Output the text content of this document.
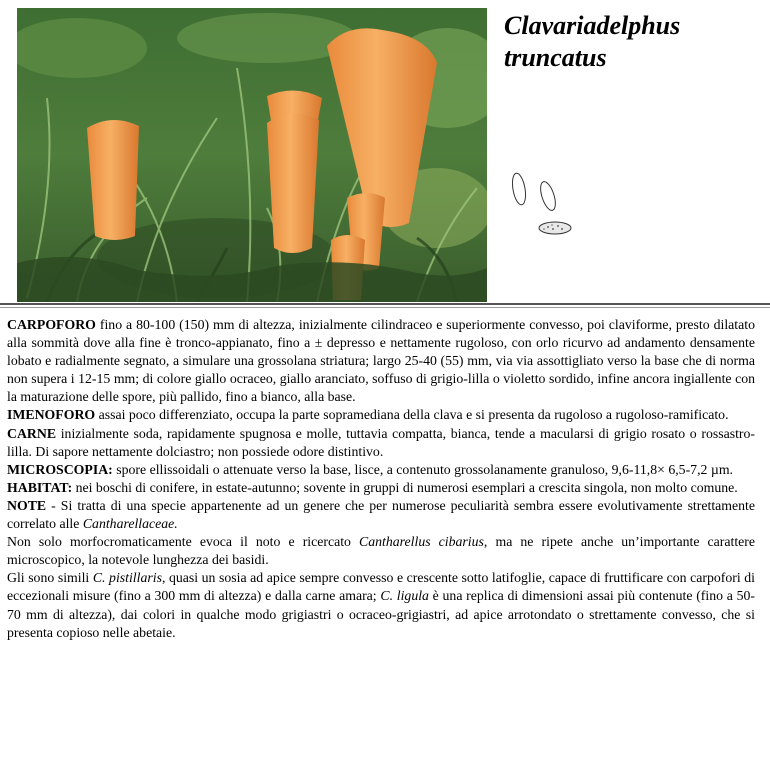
Clavariadelphus
truncatus

CARPOFORO fino a 80-100 (150) mm di altezza, inizialmente cilindraceo e superiormente convesso, poi claviforme, presto dilatato alla sommità dove alla fine è tronco-appianato, fino a ± depresso e nettamente rugoloso, con orlo ricurvo ad andamento densamente lobato e radialmente segnato, a simulare una grossolana striatura; largo 25-40 (55) mm, via via assottigliato verso la base che di norma non supera i 12-15 mm; di colore giallo ocraceo, giallo aranciato, soffuso di grigio-lilla o violetto sordido, infine ancora ingiallente con la maturazione delle spore, più pallido, fino a bianco, alla base.

IMENOFORO assai poco differenziato, occupa la parte sopramediana della clava e si presenta da rugoloso a rugoloso-ramificato.

CARNE inizialmente soda, rapidamente spugnosa e molle, tuttavia compatta, bianca, tende a macularsi di grigio rosato o rossastro-lilla. Di sapore nettamente dolciastro; non possiede odore distintivo.

MICROSCOPIA: spore ellissoidali o attenuate verso la base, lisce, a contenuto grossolanamente granuloso, 9,6-11,8× 6,5-7,2 µm.

HABITAT: nei boschi di conifere, in estate-autunno; sovente in gruppi di numerosi esemplari a crescita singola, non molto comune.

NOTE - Si tratta di una specie appartenente ad un genere che per numerose peculiarità sembra essere evolutivamente strettamente correlato alle Cantharellaceae.

Non solo morfocromaticamente evoca il noto e ricercato Cantharellus cibarius, ma ne ripete anche un’importante carattere microscopico, la notevole lunghezza dei basidi.

Gli sono simili C. pistillaris, quasi un sosia ad apice sempre convesso e crescente sotto latifoglie, capace di fruttificare con carpofori di eccezionali misure (fino a 300 mm di altezza) e dalla carne amara; C. ligula è una replica di dimensioni assai più contenute (fino a 50-70 mm di altezza), dai colori in qualche modo grigiastri o ocraceo-grigiastri, ad apice arrotondato o strettamente convesso, che si presenta copioso nelle abetaie.
